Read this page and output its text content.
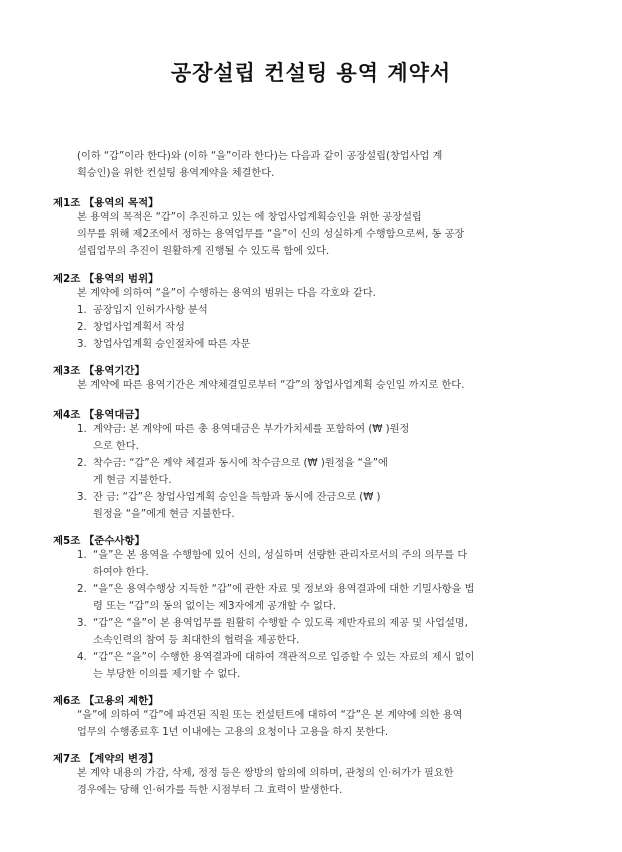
공장설립 컨설팅 용역 계약서
(이하 “갑”이라 한다)와 (이하 “을”이라 한다)는 다음과 같이 공장설립(창업사업 계
획승인)을 위한 컨설팅 용역계약을 체결한다.
제1조 【용역의 목적】
본 용역의 목적은 “갑”이 추진하고 있는 에 창업사업계획승인을 위한 공장설립
의무를 위해 제2조에서 정하는 용역업무를 “을”이 신의 성실하게 수행함으로써, 동 공장
설립업무의 추진이 원활하게 진행될 수 있도록 함에 있다.
제2조 【용역의 범위】
본 계약에 의하여 “을”이 수행하는 용역의 범위는 다음 각호와 같다.
1. 공장입지 인허가사항 분석
2. 창업사업계획서 작성
3. 창업사업계획 승인절차에 따른 자문
제3조 【용역기간】
본 계약에 따른 용역기간은 계약체결일로부터 “갑”의 창업사업계획 승인일 까지로 한다.
제4조 【용역대금】
1. 계약금: 본 계약에 따른 총 용역대금은 부가가치세를 포함하여 (₩ )원정
으로 한다.
2. 착수금: “갑”은 계약 체결과 동시에 착수금으로 (₩ )원정을 “을”에
게 현금 지불한다.
3. 잔 금: “갑”은 창업사업계획 승인을 득함과 동시에 잔금으로 (₩ )
원정을 “을”에게 현금 지불한다.
제5조 【준수사항】
1. “을”은 본 용역을 수행함에 있어 신의, 성실하며 선량한 관리자로서의 주의 의무를 다
하여야 한다.
2. “을”은 용역수행상 지득한 “갑”에 관한 자료 및 정보와 용역결과에 대한 기밀사항을 법
령 또는 “갑”의 동의 없이는 제3자에게 공개할 수 없다.
3. “갑”은 “을”이 본 용역업무를 원활히 수행할 수 있도록 제반자료의 제공 및 사업설명,
소속인력의 참여 등 최대한의 협력을 제공한다.
4. “갑”은 “을”이 수행한 용역결과에 대하여 객관적으로 입증할 수 있는 자료의 제시 없이
는 부당한 이의를 제기할 수 없다.
제6조 【고용의 제한】
“을”에 의하여 “갑”에 파견된 직원 또는 컨설턴트에 대하여 “갑”은 본 계약에 의한 용역
업무의 수행종료후 1년 이내에는 고용의 요청이나 고용을 하지 못한다.
제7조 【계약의 변경】
본 계약 내용의 가감, 삭제, 정정 등은 쌍방의 합의에 의하며, 관청의 인·허가가 필요한
경우에는 당해 인·허가를 득한 시점부터 그 효력이 발생한다.
